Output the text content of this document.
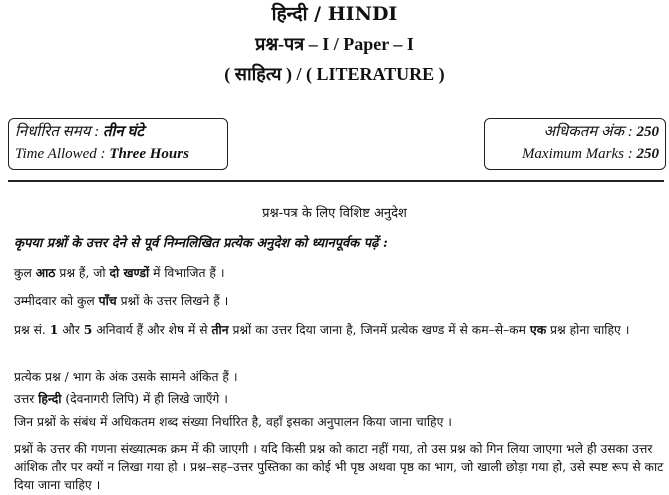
हिन्दी / HINDI
प्रश्न-पत्र – I / Paper – I
( साहित्य ) / ( LITERATURE )
निर्धारित समय : तीन घंटे
Time Allowed : Three Hours
अधिकतम अंक : 250
Maximum Marks : 250
प्रश्न-पत्र के लिए विशिष्ट अनुदेश
कृपया प्रश्नों के उत्तर देने से पूर्व निम्नलिखित प्रत्येक अनुदेश को ध्यानपूर्वक पढ़ें :
कुल आठ प्रश्न हैं, जो दो खण्डों में विभाजित हैं ।
उम्मीदवार को कुल पाँच प्रश्नों के उत्तर लिखने हैं ।
प्रश्न सं. 1 और 5 अनिवार्य हैं और शेष में से तीन प्रश्नों का उत्तर दिया जाना है, जिनमें प्रत्येक खण्ड में से कम–से–कम एक प्रश्न होना चाहिए ।
प्रत्येक प्रश्न / भाग के अंक उसके सामने अंकित हैं ।
उत्तर हिन्दी (देवनागरी लिपि) में ही लिखे जाएँगे ।
जिन प्रश्नों के संबंध में अधिकतम शब्द संख्या निर्धारित है, वहाँ इसका अनुपालन किया जाना चाहिए ।
प्रश्नों के उत्तर की गणना संख्यात्मक क्रम में की जाएगी । यदि किसी प्रश्न को काटा नहीं गया, तो उस प्रश्न को गिन लिया जाएगा भले ही उसका उत्तर आंशिक तौर पर क्यों न लिखा गया हो । प्रश्न–सह–उत्तर पुस्तिका का कोई भी पृष्ठ अथवा पृष्ठ का भाग, जो खाली छोड़ा गया हो, उसे स्पष्ट रूप से काट दिया जाना चाहिए ।
